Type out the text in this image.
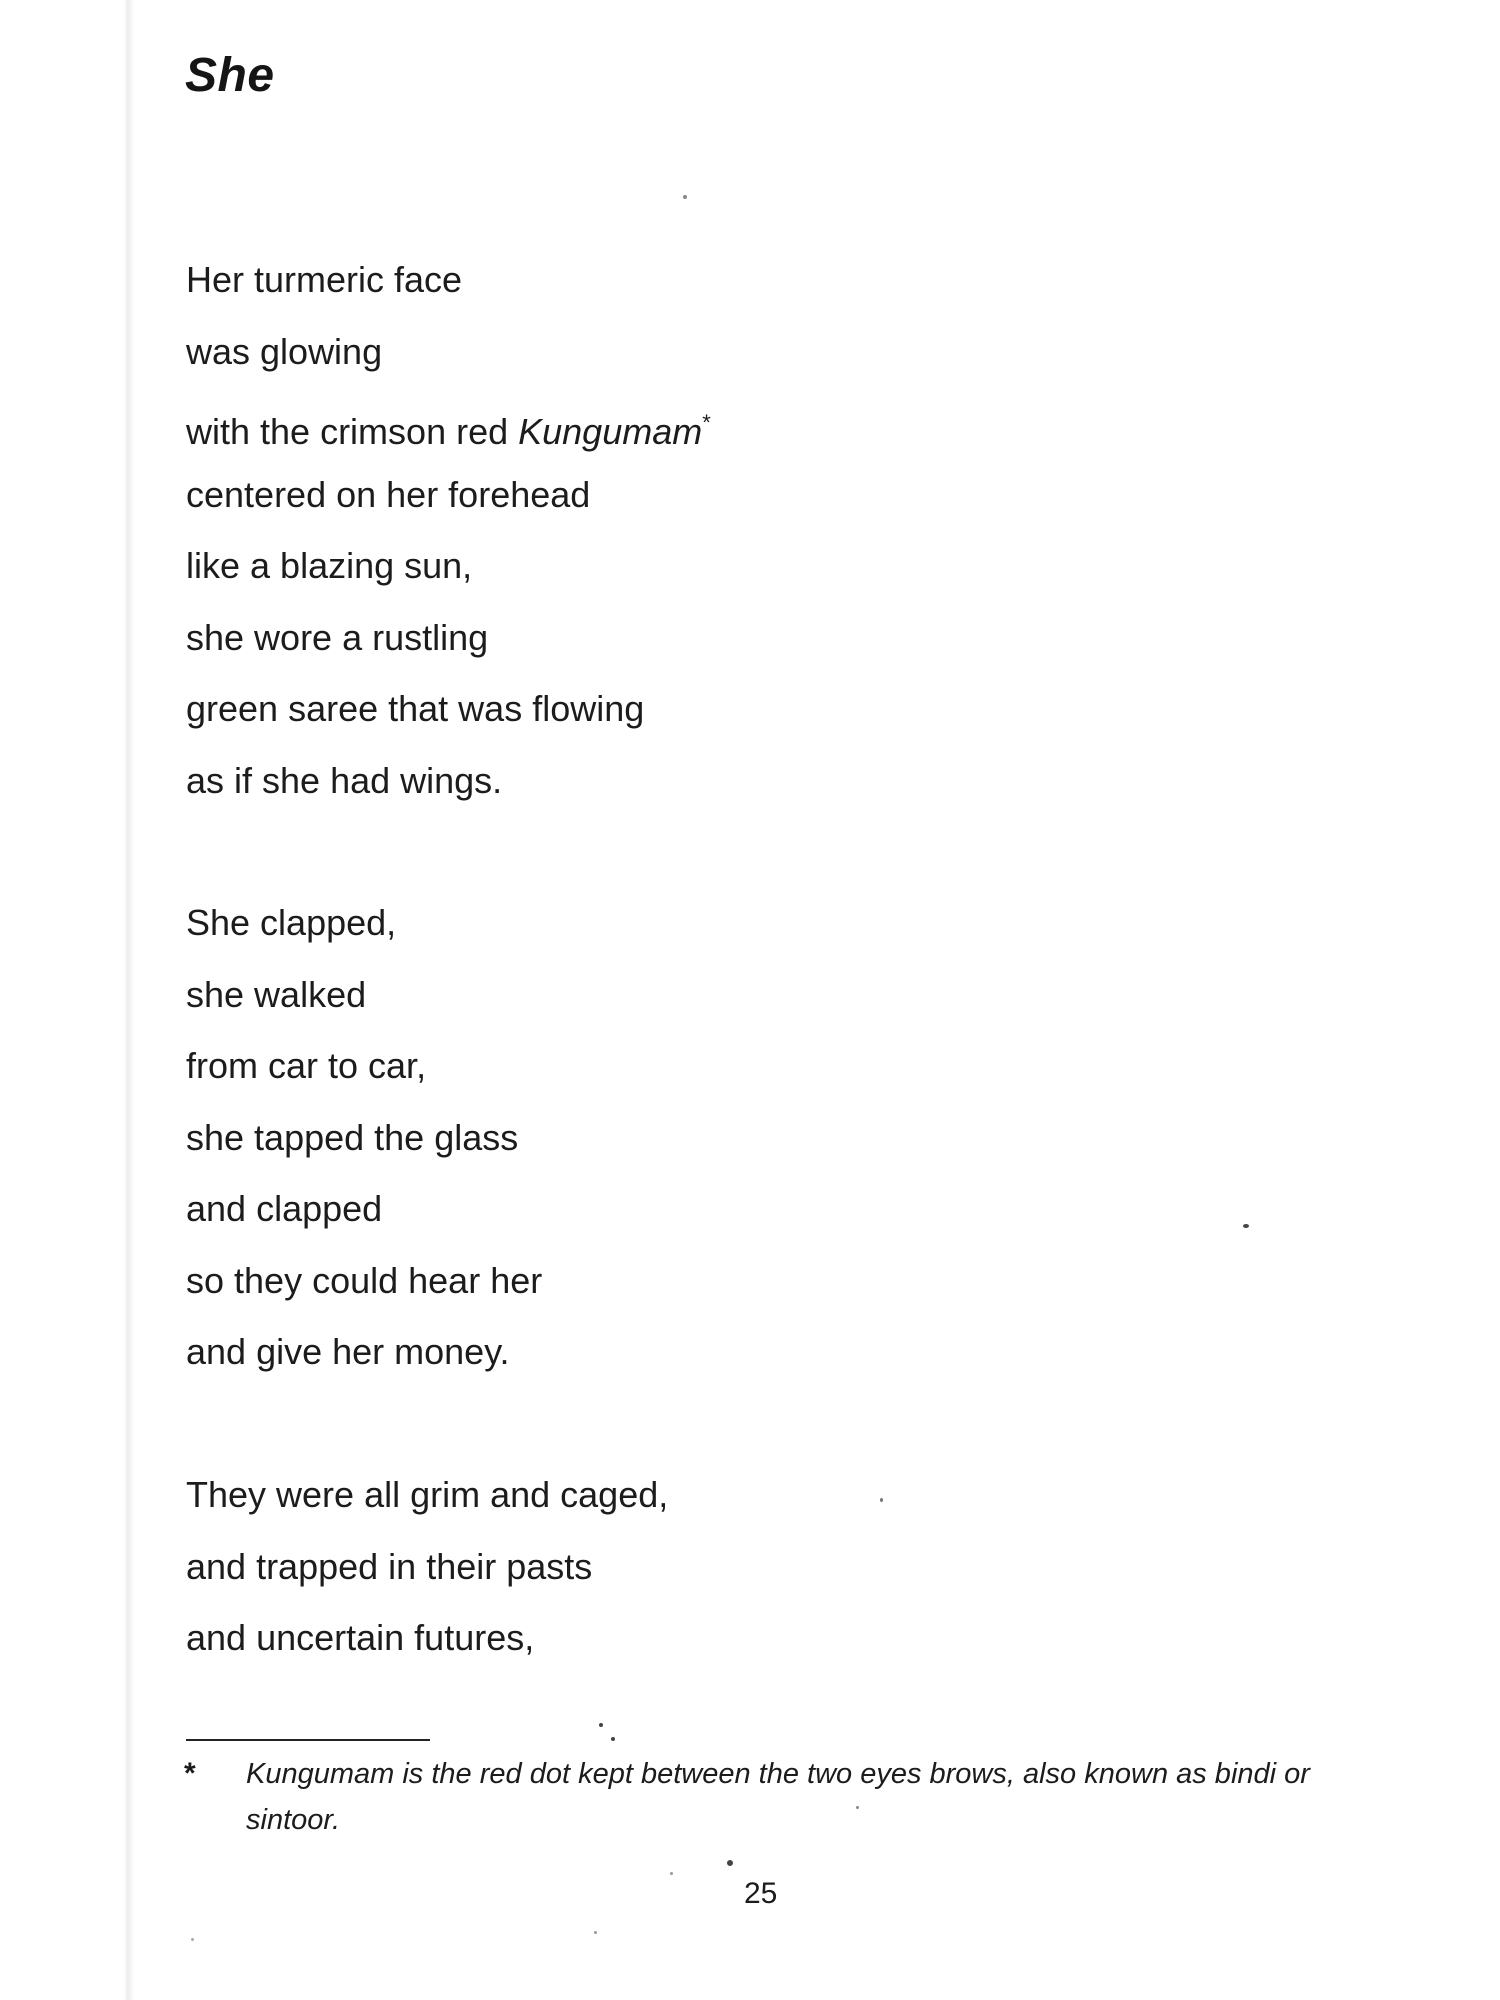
She
Her turmeric face
was glowing
with the crimson red Kungumam*
centered on her forehead
like a blazing sun,
she wore a rustling
green saree that was flowing
as if she had wings.
She clapped,
she walked
from car to car,
she tapped the glass
and clapped
so they could hear her
and give her money.
They were all grim and caged,
and trapped in their pasts
and uncertain futures,
* Kungumam is the red dot kept between the two eyes brows, also known as bindi or sintoor.
25
